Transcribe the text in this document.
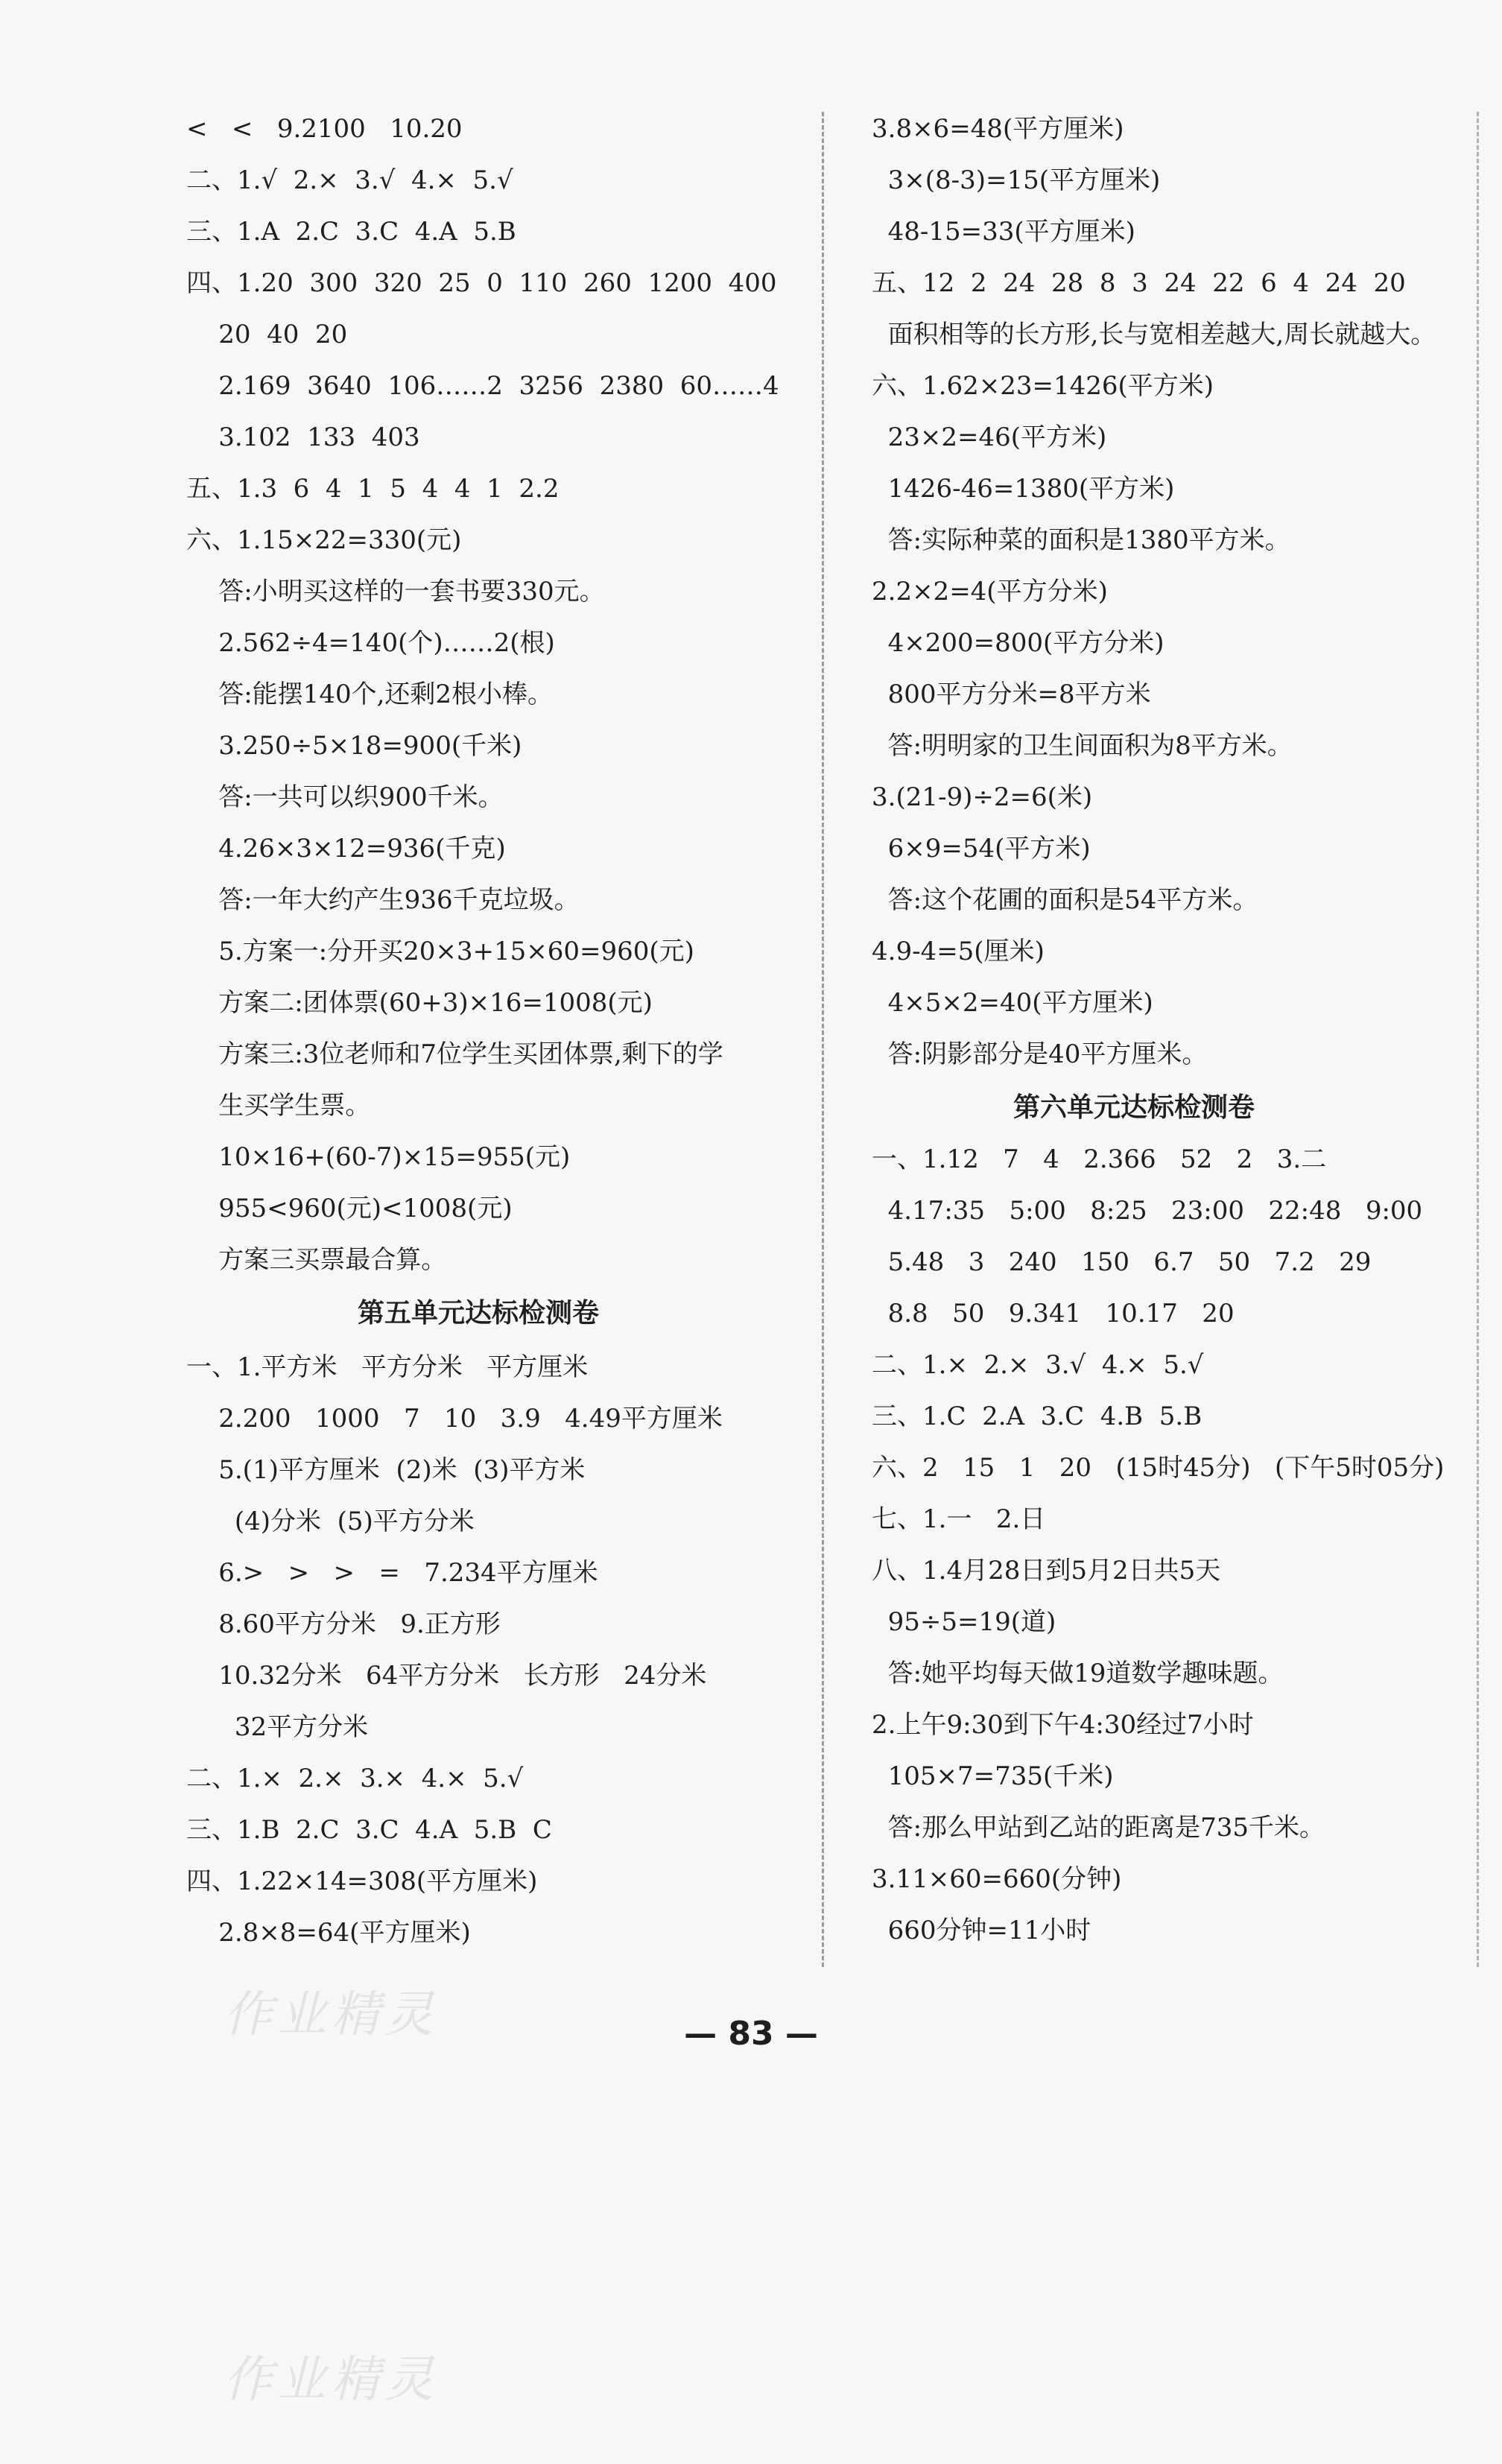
<   <   9.2100   10.20
二、1.√  2.×  3.√  4.×  5.√
三、1.A  2.C  3.C  4.A  5.B
四、1.20  300  320  25  0  110  260  1200  400
20  40  20
2.169  3640  106……2  3256  2380  60……4
3.102  133  403
五、1.3  6  4  1  5  4  4  1  2.2
六、1.15×22=330(元)
答:小明买这样的一套书要330元。
2.562÷4=140(个)……2(根)
答:能摆140个,还剩2根小棒。
3.250÷5×18=900(千米)
答:一共可以织900千米。
4.26×3×12=936(千克)
答:一年大约产生936千克垃圾。
5.方案一:分开买20×3+15×60=960(元)
方案二:团体票(60+3)×16=1008(元)
方案三:3位老师和7位学生买团体票,剩下的学
生买学生票。
10×16+(60-7)×15=955(元)
955<960(元)<1008(元)
方案三买票最合算。
第五单元达标检测卷
一、1.平方米   平方分米   平方厘米
2.200   1000   7   10   3.9   4.49平方厘米
5.(1)平方厘米  (2)米  (3)平方米
(4)分米  (5)平方分米
6.>   >   >   =   7.234平方厘米
8.60平方分米   9.正方形
10.32分米   64平方分米   长方形   24分米
32平方分米
二、1.×  2.×  3.×  4.×  5.√
三、1.B  2.C  3.C  4.A  5.B  C
四、1.22×14=308(平方厘米)
2.8×8=64(平方厘米)
3.8×6=48(平方厘米)
3×(8-3)=15(平方厘米)
48-15=33(平方厘米)
五、12  2  24  28  8  3  24  22  6  4  24  20
面积相等的长方形,长与宽相差越大,周长就越大。
六、1.62×23=1426(平方米)
23×2=46(平方米)
1426-46=1380(平方米)
答:实际种菜的面积是1380平方米。
2.2×2=4(平方分米)
4×200=800(平方分米)
800平方分米=8平方米
答:明明家的卫生间面积为8平方米。
3.(21-9)÷2=6(米)
6×9=54(平方米)
答:这个花圃的面积是54平方米。
4.9-4=5(厘米)
4×5×2=40(平方厘米)
答:阴影部分是40平方厘米。
第六单元达标检测卷
一、1.12   7   4   2.366   52   2   3.二
4.17:35   5:00   8:25   23:00   22:48   9:00
5.48   3   240   150   6.7   50   7.2   29
8.8   50   9.341   10.17   20
二、1.×  2.×  3.√  4.×  5.√
三、1.C  2.A  3.C  4.B  5.B
六、2   15   1   20   (15时45分)   (下午5时05分)
七、1.一   2.日
八、1.4月28日到5月2日共5天
95÷5=19(道)
答:她平均每天做19道数学趣味题。
2.上午9:30到下午4:30经过7小时
105×7=735(千米)
答:那么甲站到乙站的距离是735千米。
3.11×60=660(分钟)
660分钟=11小时
作业精灵
作业精灵
— 83 —
